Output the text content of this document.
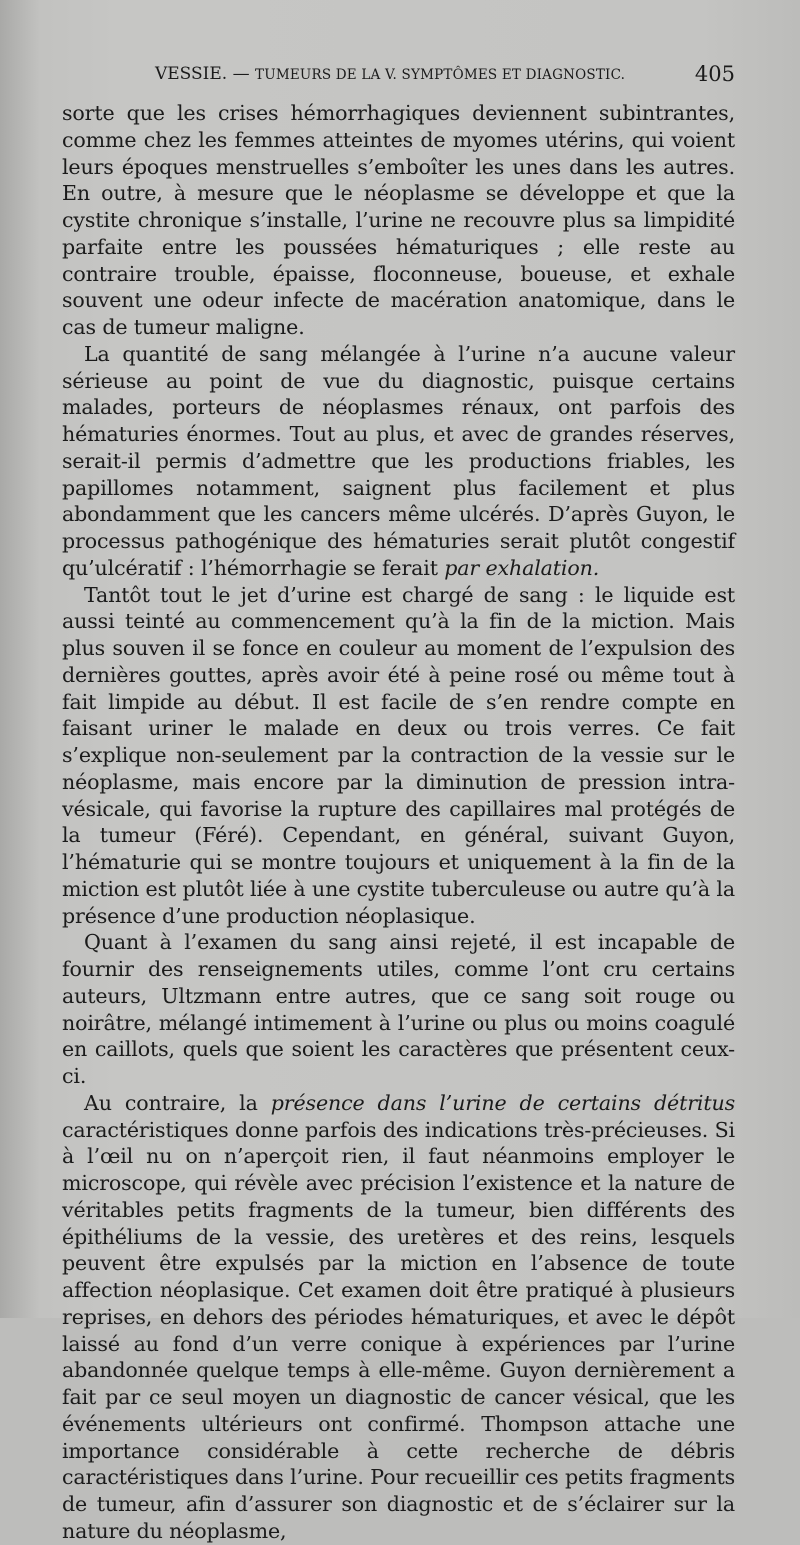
VESSIE. — TUMEURS DE LA V. SYMPTÔMES ET DIAGNOSTIC.	405

sorte que les crises hémorrhagiques deviennent subintrantes, comme chez les femmes atteintes de myomes utérins, qui voient leurs époques menstruelles s’emboîter les unes dans les autres. En outre, à mesure que le néoplasme se développe et que la cystite chronique s’installe, l’urine ne recouvre plus sa limpidité parfaite entre les poussées hématuriques ; elle reste au contraire trouble, épaisse, floconneuse, boueuse, et exhale souvent une odeur infecte de macération anatomique, dans le cas de tumeur maligne.

La quantité de sang mélangée à l’urine n’a aucune valeur sérieuse au point de vue du diagnostic, puisque certains malades, porteurs de néoplasmes rénaux, ont parfois des hématuries énormes. Tout au plus, et avec de grandes réserves, serait-il permis d’admettre que les productions friables, les papillomes notamment, saignent plus facilement et plus abondamment que les cancers même ulcérés. D’après Guyon, le processus pathogénique des hématuries serait plutôt congestif qu’ulcératif : l’hémorrhagie se ferait par exhalation.

Tantôt tout le jet d’urine est chargé de sang : le liquide est aussi teinté au commencement qu’à la fin de la miction. Mais plus souven il se fonce en couleur au moment de l’expulsion des dernières gouttes, après avoir été à peine rosé ou même tout à fait limpide au début. Il est facile de s’en rendre compte en faisant uriner le malade en deux ou trois verres. Ce fait s’explique non-seulement par la contraction de la vessie sur le néoplasme, mais encore par la diminution de pression intra-vésicale, qui favorise la rupture des capillaires mal protégés de la tumeur (Féré). Cependant, en général, suivant Guyon, l’hématurie qui se montre toujours et uniquement à la fin de la miction est plutôt liée à une cystite tuberculeuse ou autre qu’à la présence d’une production néoplasique.

Quant à l’examen du sang ainsi rejeté, il est incapable de fournir des renseignements utiles, comme l’ont cru certains auteurs, Ultzmann entre autres, que ce sang soit rouge ou noirâtre, mélangé intimement à l’urine ou plus ou moins coagulé en caillots, quels que soient les caractères que présentent ceux-ci.

Au contraire, la présence dans l’urine de certains détritus caractéristiques donne parfois des indications très-précieuses. Si à l’œil nu on n’aperçoit rien, il faut néanmoins employer le microscope, qui révèle avec précision l’existence et la nature de véritables petits fragments de la tumeur, bien différents des épithéliums de la vessie, des uretères et des reins, lesquels peuvent être expulsés par la miction en l’absence de toute affection néoplasique. Cet examen doit être pratiqué à plusieurs reprises, en dehors des périodes hématuriques, et avec le dépôt laissé au fond d’un verre conique à expériences par l’urine abandonnée quelque temps à elle-même. Guyon dernièrement a fait par ce seul moyen un diagnostic de cancer vésical, que les événements ultérieurs ont confirmé. Thompson attache une importance considérable à cette recherche de débris caractéristiques dans l’urine. Pour recueillir ces petits fragments de tumeur, afin d’assurer son diagnostic et de s’éclairer sur la nature du néoplasme,
